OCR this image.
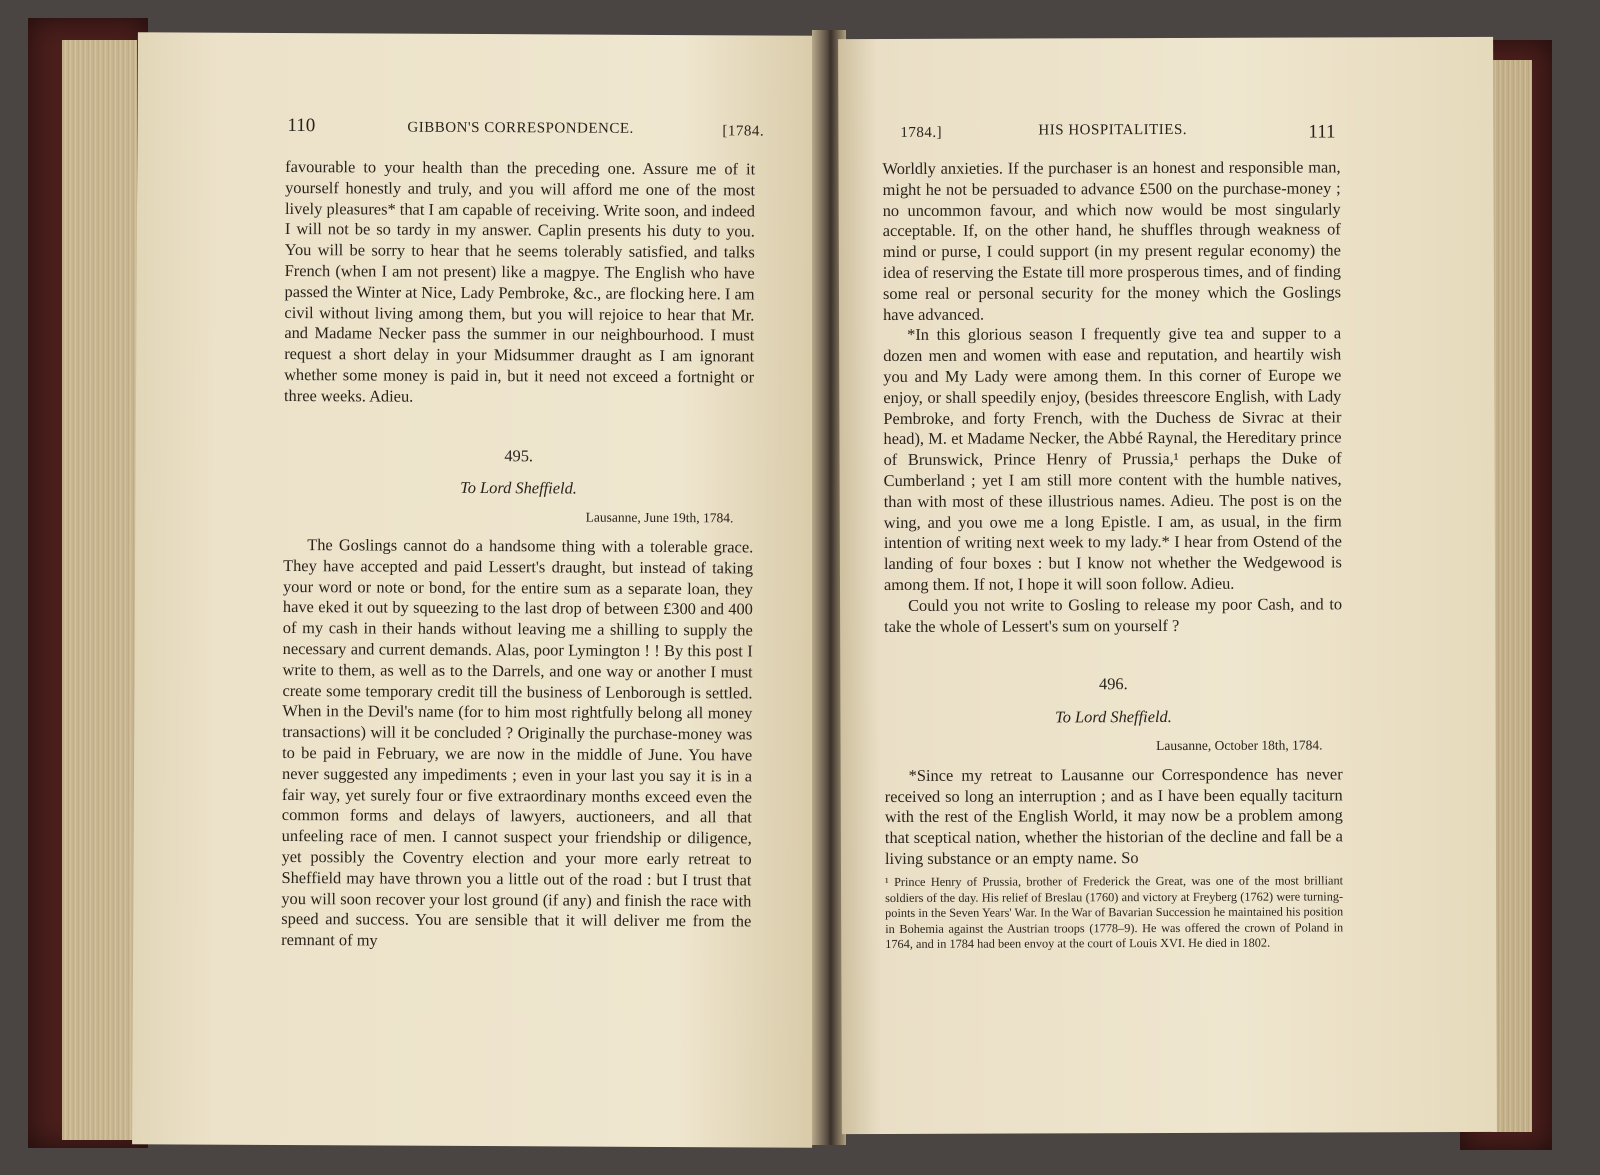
110	GIBBON'S CORRESPONDENCE.	[1784.

favourable to your health than the preceding one. Assure me of it yourself honestly and truly, and you will afford me one of the most lively pleasures* that I am capable of receiving. Write soon, and indeed I will not be so tardy in my answer. Caplin presents his duty to you. You will be sorry to hear that he seems tolerably satisfied, and talks French (when I am not present) like a magpye. The English who have passed the Winter at Nice, Lady Pembroke, &c., are flocking here. I am civil without living among them, but you will rejoice to hear that Mr. and Madame Necker pass the summer in our neighbourhood. I must request a short delay in your Midsummer draught as I am ignorant whether some money is paid in, but it need not exceed a fortnight or three weeks. Adieu.

495.

To Lord Sheffield.

Lausanne, June 19th, 1784.

The Goslings cannot do a handsome thing with a tolerable grace. They have accepted and paid Lessert's draught, but instead of taking your word or note or bond, for the entire sum as a separate loan, they have eked it out by squeezing to the last drop of between £300 and 400 of my cash in their hands without leaving me a shilling to supply the necessary and current demands. Alas, poor Lymington ! ! By this post I write to them, as well as to the Darrels, and one way or another I must create some temporary credit till the business of Lenborough is settled. When in the Devil's name (for to him most rightfully belong all money transactions) will it be concluded ? Originally the purchase-money was to be paid in February, we are now in the middle of June. You have never suggested any impediments ; even in your last you say it is in a fair way, yet surely four or five extraordinary months exceed even the common forms and delays of lawyers, auctioneers, and all that unfeeling race of men. I cannot suspect your friendship or diligence, yet possibly the Coventry election and your more early retreat to Sheffield may have thrown you a little out of the road : but I trust that you will soon recover your lost ground (if any) and finish the race with speed and success. You are sensible that it will deliver me from the remnant of my

1784.]	HIS HOSPITALITIES.	111

Worldly anxieties. If the purchaser is an honest and responsible man, might he not be persuaded to advance £500 on the purchase-money ; no uncommon favour, and which now would be most singularly acceptable. If, on the other hand, he shuffles through weakness of mind or purse, I could support (in my present regular economy) the idea of reserving the Estate till more prosperous times, and of finding some real or personal security for the money which the Goslings have advanced.

*In this glorious season I frequently give tea and supper to a dozen men and women with ease and reputation, and heartily wish you and My Lady were among them. In this corner of Europe we enjoy, or shall speedily enjoy, (besides threescore English, with Lady Pembroke, and forty French, with the Duchess de Sivrac at their head), M. et Madame Necker, the Abbé Raynal, the Hereditary prince of Brunswick, Prince Henry of Prussia,¹ perhaps the Duke of Cumberland ; yet I am still more content with the humble natives, than with most of these illustrious names. Adieu. The post is on the wing, and you owe me a long Epistle. I am, as usual, in the firm intention of writing next week to my lady.* I hear from Ostend of the landing of four boxes : but I know not whether the Wedgewood is among them. If not, I hope it will soon follow. Adieu.

Could you not write to Gosling to release my poor Cash, and to take the whole of Lessert's sum on yourself ?

496.

To Lord Sheffield.

Lausanne, October 18th, 1784.

*Since my retreat to Lausanne our Correspondence has never received so long an interruption ; and as I have been equally taciturn with the rest of the English World, it may now be a problem among that sceptical nation, whether the historian of the decline and fall be a living substance or an empty name. So

¹ Prince Henry of Prussia, brother of Frederick the Great, was one of the most brilliant soldiers of the day. His relief of Breslau (1760) and victory at Freyberg (1762) were turning-points in the Seven Years' War. In the War of Bavarian Succession he maintained his position in Bohemia against the Austrian troops (1778–9). He was offered the crown of Poland in 1764, and in 1784 had been envoy at the court of Louis XVI. He died in 1802.
